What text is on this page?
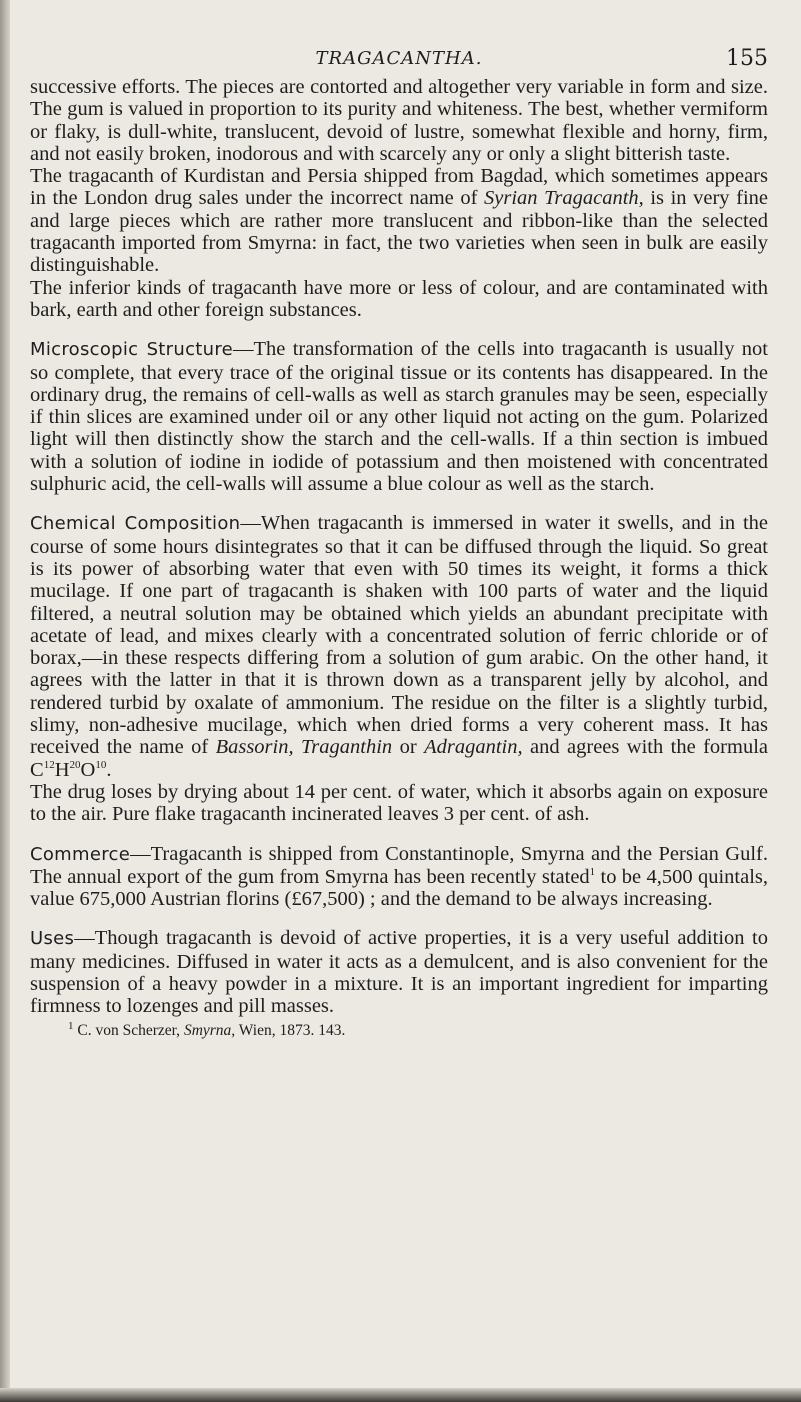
TRAGACANTHA.	155

successive efforts. The pieces are contorted and altogether very variable in form and size. The gum is valued in proportion to its purity and whiteness. The best, whether vermiform or flaky, is dull-white, translucent, devoid of lustre, somewhat flexible and horny, firm, and not easily broken, inodorous and with scarcely any or only a slight bitterish taste.

The tragacanth of Kurdistan and Persia shipped from Bagdad, which sometimes appears in the London drug sales under the incorrect name of Syrian Tragacanth, is in very fine and large pieces which are rather more translucent and ribbon-like than the selected tragacanth imported from Smyrna: in fact, the two varieties when seen in bulk are easily distinguishable.

The inferior kinds of tragacanth have more or less of colour, and are contaminated with bark, earth and other foreign substances.

Microscopic Structure—The transformation of the cells into tragacanth is usually not so complete, that every trace of the original tissue or its contents has disappeared. In the ordinary drug, the remains of cell-walls as well as starch granules may be seen, especially if thin slices are examined under oil or any other liquid not acting on the gum. Polarized light will then distinctly show the starch and the cell-walls. If a thin section is imbued with a solution of iodine in iodide of potassium and then moistened with concentrated sulphuric acid, the cell-walls will assume a blue colour as well as the starch.

Chemical Composition—When tragacanth is immersed in water it swells, and in the course of some hours disintegrates so that it can be diffused through the liquid. So great is its power of absorbing water that even with 50 times its weight, it forms a thick mucilage. If one part of tragacanth is shaken with 100 parts of water and the liquid filtered, a neutral solution may be obtained which yields an abundant precipitate with acetate of lead, and mixes clearly with a concentrated solution of ferric chloride or of borax,—in these respects differing from a solution of gum arabic. On the other hand, it agrees with the latter in that it is thrown down as a transparent jelly by alcohol, and rendered turbid by oxalate of ammonium. The residue on the filter is a slightly turbid, slimy, non-adhesive mucilage, which when dried forms a very coherent mass. It has received the name of Bassorin, Traganthin or Adragantin, and agrees with the formula $C^{12}H^{20}O^{10}$.

The drug loses by drying about 14 per cent. of water, which it absorbs again on exposure to the air. Pure flake tragacanth incinerated leaves 3 per cent. of ash.

Commerce—Tragacanth is shipped from Constantinople, Smyrna and the Persian Gulf. The annual export of the gum from Smyrna has been recently stated$^1$ to be 4,500 quintals, value 675,000 Austrian florins (£67,500) ; and the demand to be always increasing.

Uses—Though tragacanth is devoid of active properties, it is a very useful addition to many medicines. Diffused in water it acts as a demulcent, and is also convenient for the suspension of a heavy powder in a mixture. It is an important ingredient for imparting firmness to lozenges and pill masses.

$^1$ C. von Scherzer, Smyrna, Wien, 1873. 143.
